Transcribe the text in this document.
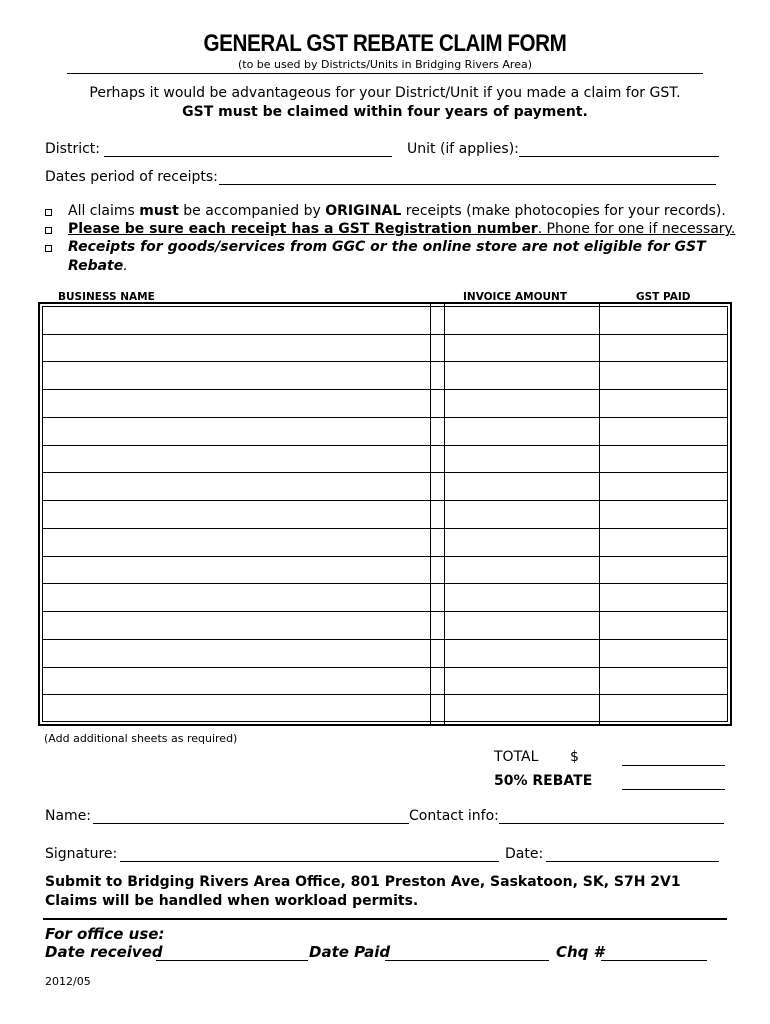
GENERAL GST REBATE CLAIM FORM
(to be used by Districts/Units in Bridging Rivers Area)
Perhaps it would be advantageous for your District/Unit if you made a claim for GST.
GST must be claimed within four years of payment.
District:	Unit (if applies):
Dates period of receipts:
All claims must be accompanied by ORIGINAL receipts (make photocopies for your records).
Please be sure each receipt has a GST Registration number. Phone for one if necessary.
Receipts for goods/services from GGC or the online store are not eligible for GST
Rebate.
BUSINESS NAME	INVOICE AMOUNT	GST PAID
(Add additional sheets as required)
TOTAL $
50% REBATE
Name:	Contact info:
Signature:	Date:
Submit to Bridging Rivers Area Office, 801 Preston Ave, Saskatoon, SK, S7H 2V1
Claims will be handled when workload permits.
For office use:
Date received	Date Paid	Chq #
2012/05
